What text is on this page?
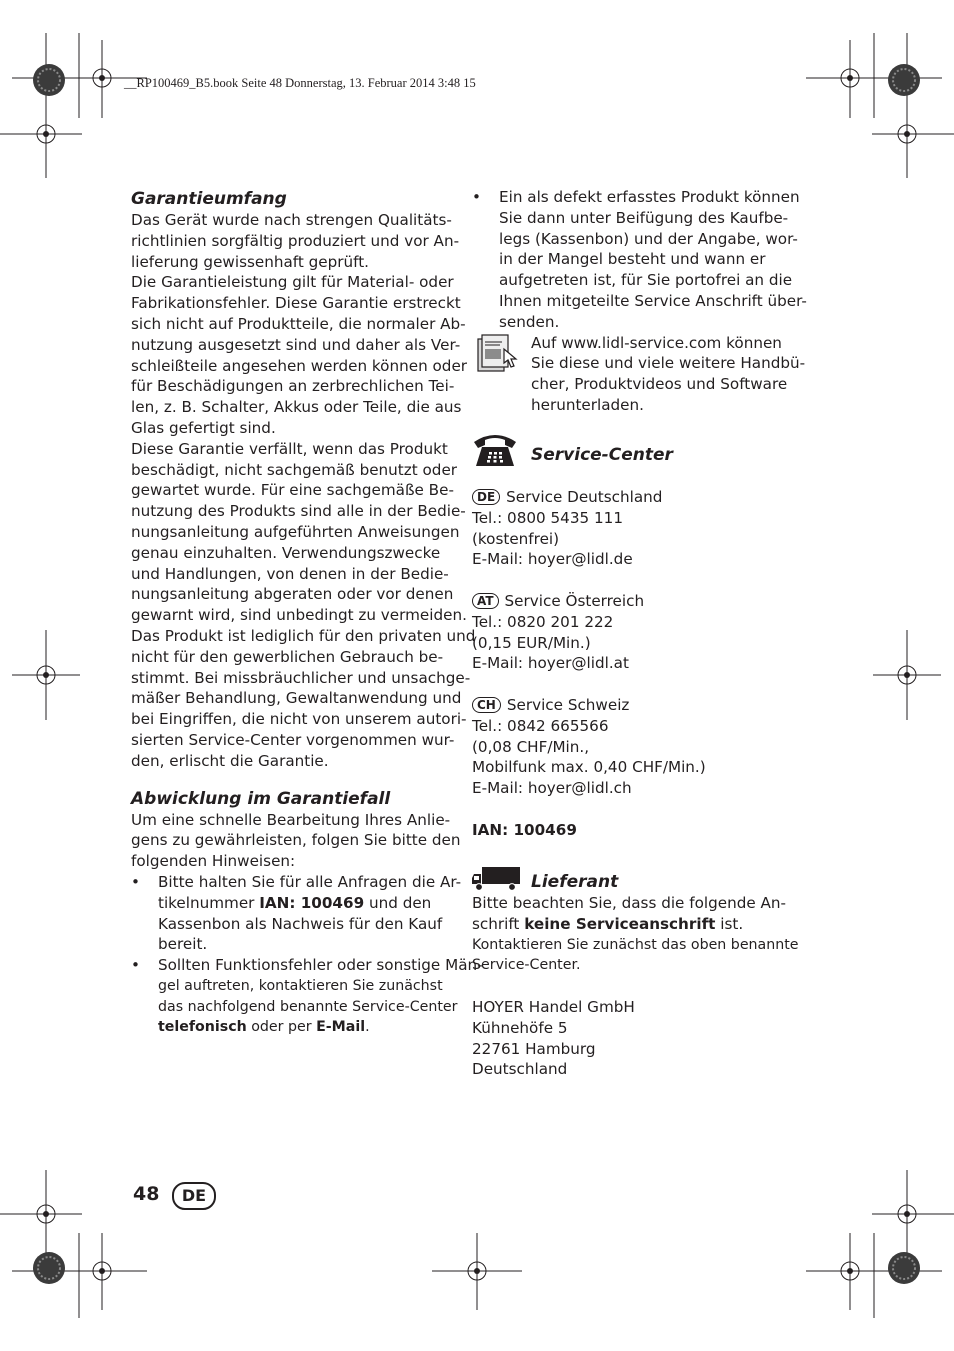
__RP100469_B5.book Seite 48 Donnerstag, 13. Februar 2014 3:48 15
Garantieumfang

Das Gerät wurde nach strengen Qualitäts-

richtlinien sorgfältig produziert und vor An-

lieferung gewissenhaft geprüft.

Die Garantieleistung gilt für Material- oder

Fabrikationsfehler. Diese Garantie erstreckt

sich nicht auf Produktteile, die normaler Ab-

nutzung ausgesetzt sind und daher als Ver-

schleißteile angesehen werden können oder

für Beschädigungen an zerbrechlichen Tei-

len, z. B. Schalter, Akkus oder Teile, die aus

Glas gefertigt sind.

Diese Garantie verfällt, wenn das Produkt

beschädigt, nicht sachgemäß benutzt oder

gewartet wurde. Für eine sachgemäße Be-

nutzung des Produkts sind alle in der Bedie-

nungsanleitung aufgeführten Anweisungen

genau einzuhalten. Verwendungszwecke

und Handlungen, von denen in der Bedie-

nungsanleitung abgeraten oder vor denen

gewarnt wird, sind unbedingt zu vermeiden.

Das Produkt ist lediglich für den privaten und

nicht für den gewerblichen Gebrauch be-

stimmt. Bei missbräuchlicher und unsachge-

mäßer Behandlung, Gewaltanwendung und

bei Eingriffen, die nicht von unserem autori-

sierten Service-Center vorgenommen wur-

den, erlischt die Garantie.

Abwicklung im Garantiefall

Um eine schnelle Bearbeitung Ihres Anlie-

gens zu gewährleisten, folgen Sie bitte den

folgenden Hinweisen:

• Bitte halten Sie für alle Anfragen die Ar-

tikelnummer IAN: 100469 und den

Kassenbon als Nachweis für den Kauf

bereit.

• Sollten Funktionsfehler oder sonstige Män-

gel auftreten, kontaktieren Sie zunächst

das nachfolgend benannte Service-Center

telefonisch oder per E-Mail.

• Ein als defekt erfasstes Produkt können

Sie dann unter Beifügung des Kaufbe-

legs (Kassenbon) und der Angabe, wor-

in der Mangel besteht und wann er

aufgetreten ist, für Sie portofrei an die

Ihnen mitgeteilte Service Anschrift über-

senden.

Auf www.lidl-service.com können

Sie diese und viele weitere Handbü-

cher, Produktvideos und Software

herunterladen.

Service-Center

DE Service Deutschland

Tel.: 0800 5435 111

(kostenfrei)

E-Mail: hoyer@lidl.de

AT Service Österreich

Tel.: 0820 201 222

(0,15 EUR/Min.)

E-Mail: hoyer@lidl.at

CH Service Schweiz

Tel.: 0842 665566

(0,08 CHF/Min.,

Mobilfunk max. 0,40 CHF/Min.)

E-Mail: hoyer@lidl.ch

IAN: 100469

Lieferant

Bitte beachten Sie, dass die folgende An-

schrift keine Serviceanschrift ist.

Kontaktieren Sie zunächst das oben benannte

Service-Center.

HOYER Handel GmbH

Kühnehöfe 5

22761 Hamburg

Deutschland

48	DE
